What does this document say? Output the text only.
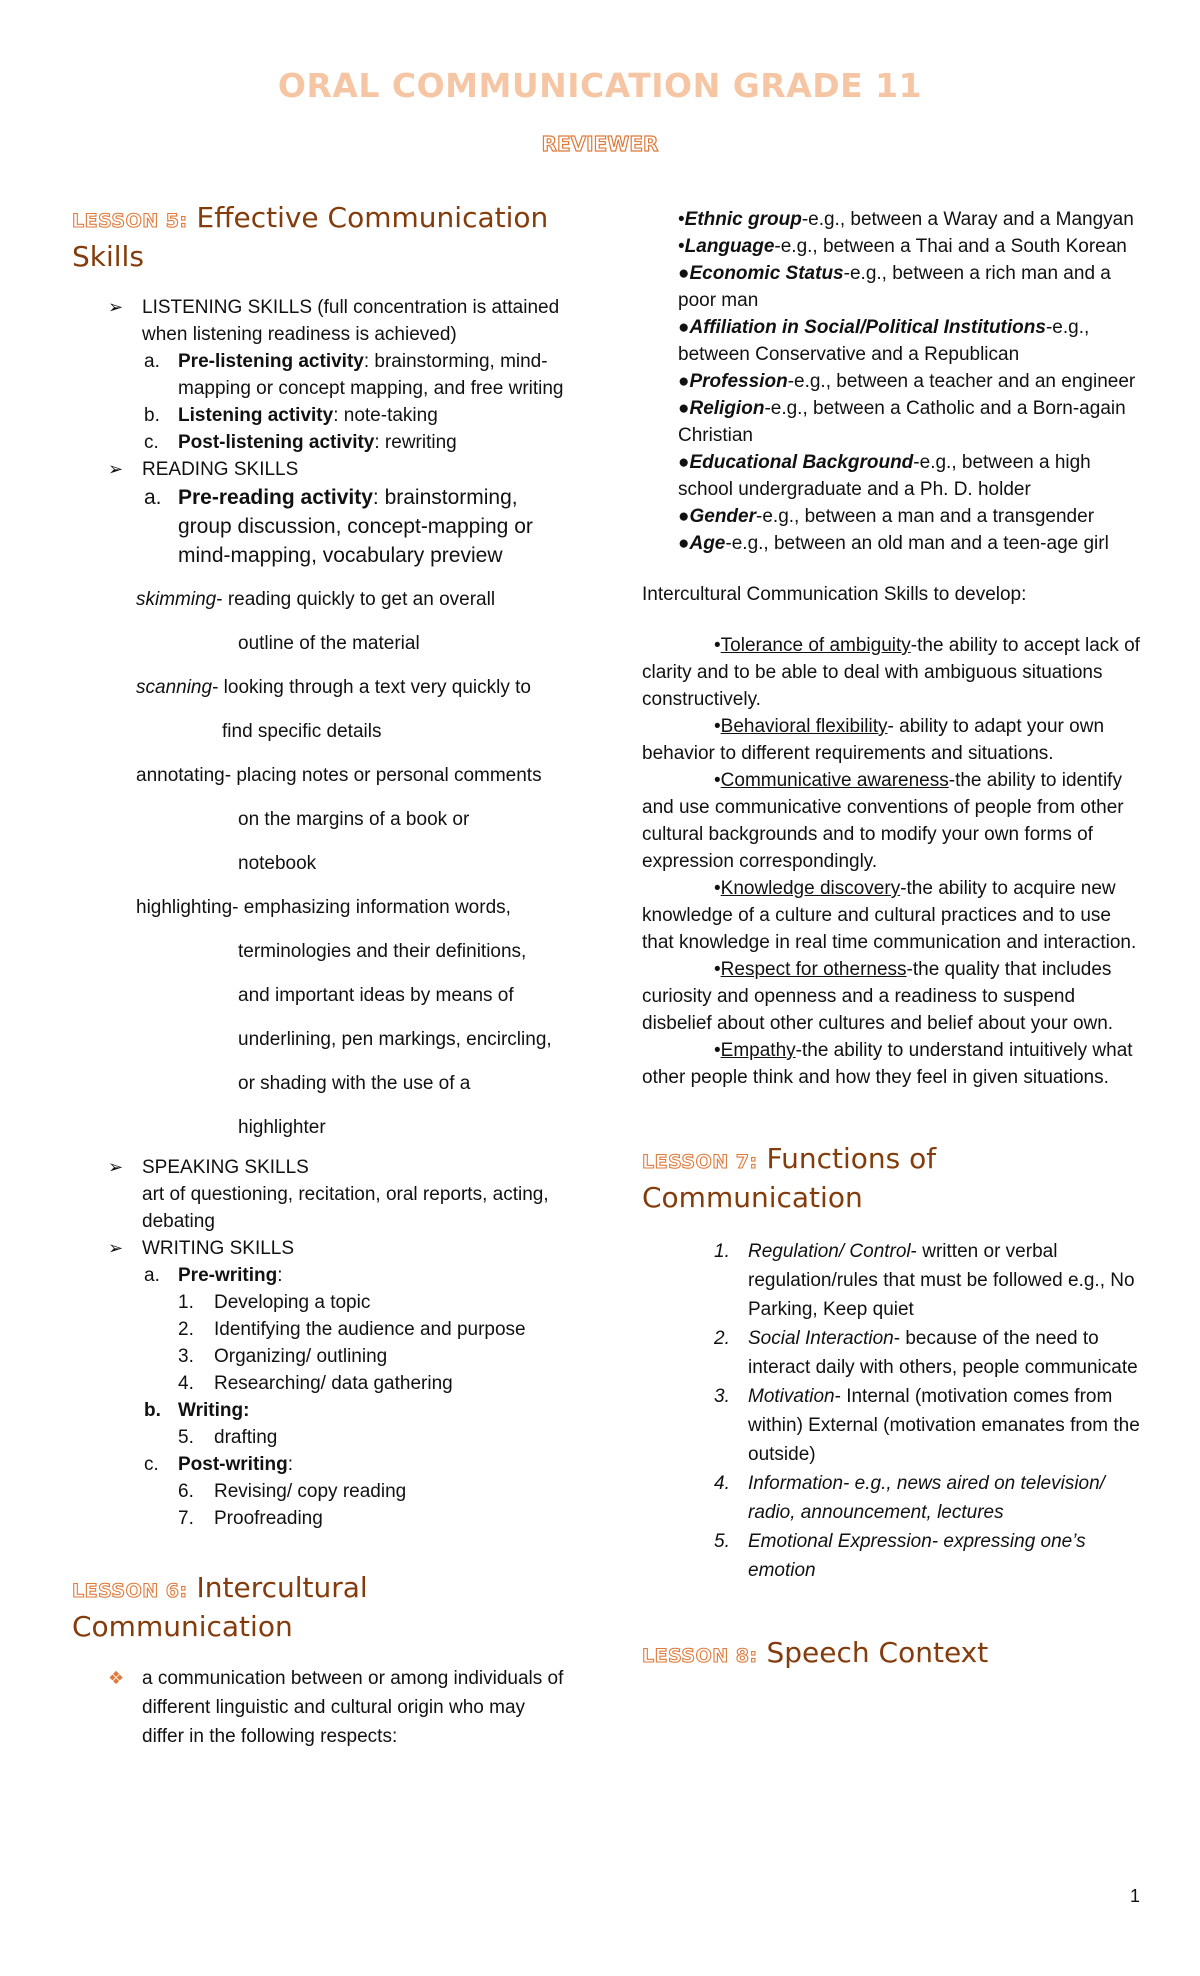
ORAL COMMUNICATION GRADE 11
REVIEWER

LESSON 5: Effective Communication Skills

➢ LISTENING SKILLS (full concentration is attained when listening readiness is achieved)

a. Pre-listening activity: brainstorming, mind-mapping or concept mapping, and free writing

b. Listening activity: note-taking

c. Post-listening activity: rewriting

➢ READING SKILLS

a. Pre-reading activity: brainstorming, group discussion, concept-mapping or mind-mapping, vocabulary preview

skimming- reading quickly to get an overall

outline of the material

scanning- looking through a text very quickly to

find specific details

annotating- placing notes or personal comments

on the margins of a book or

notebook

highlighting- emphasizing information words,

terminologies and their definitions,

and important ideas by means of

underlining, pen markings, encircling,

or shading with the use of a

highlighter

➢ SPEAKING SKILLS

art of questioning, recitation, oral reports, acting, debating

➢ WRITING SKILLS

a. Pre-writing:

1. Developing a topic

2. Identifying the audience and purpose

3. Organizing/ outlining

4. Researching/ data gathering

b. Writing:

5. drafting

c. Post-writing:

6. Revising/ copy reading

7. Proofreading

LESSON 6: Intercultural Communication

❖ a communication between or among individuals of different linguistic and cultural origin who may differ in the following respects:

•Ethnic group-e.g., between a Waray and a Mangyan

•Language-e.g., between a Thai and a South Korean

●Economic Status-e.g., between a rich man and a poor man

●Affiliation in Social/Political Institutions-e.g., between Conservative and a Republican

●Profession-e.g., between a teacher and an engineer

●Religion-e.g., between a Catholic and a Born-again Christian

●Educational Background-e.g., between a high school undergraduate and a Ph. D. holder

●Gender-e.g., between a man and a transgender

●Age-e.g., between an old man and a teen-age girl

Intercultural Communication Skills to develop:

•Tolerance of ambiguity-the ability to accept lack of clarity and to be able to deal with ambiguous situations constructively.

•Behavioral flexibility- ability to adapt your own behavior to different requirements and situations.

•Communicative awareness-the ability to identify and use communicative conventions of people from other cultural backgrounds and to modify your own forms of expression correspondingly.

•Knowledge discovery-the ability to acquire new knowledge of a culture and cultural practices and to use that knowledge in real time communication and interaction.

•Respect for otherness-the quality that includes curiosity and openness and a readiness to suspend disbelief about other cultures and belief about your own.

•Empathy-the ability to understand intuitively what other people think and how they feel in given situations.

LESSON 7: Functions of Communication

1. Regulation/ Control- written or verbal regulation/rules that must be followed e.g., No Parking, Keep quiet

2. Social Interaction- because of the need to interact daily with others, people communicate

3. Motivation- Internal (motivation comes from within) External (motivation emanates from the outside)

4. Information- e.g., news aired on television/ radio, announcement, lectures

5. Emotional Expression- expressing one’s emotion

LESSON 8: Speech Context

1
